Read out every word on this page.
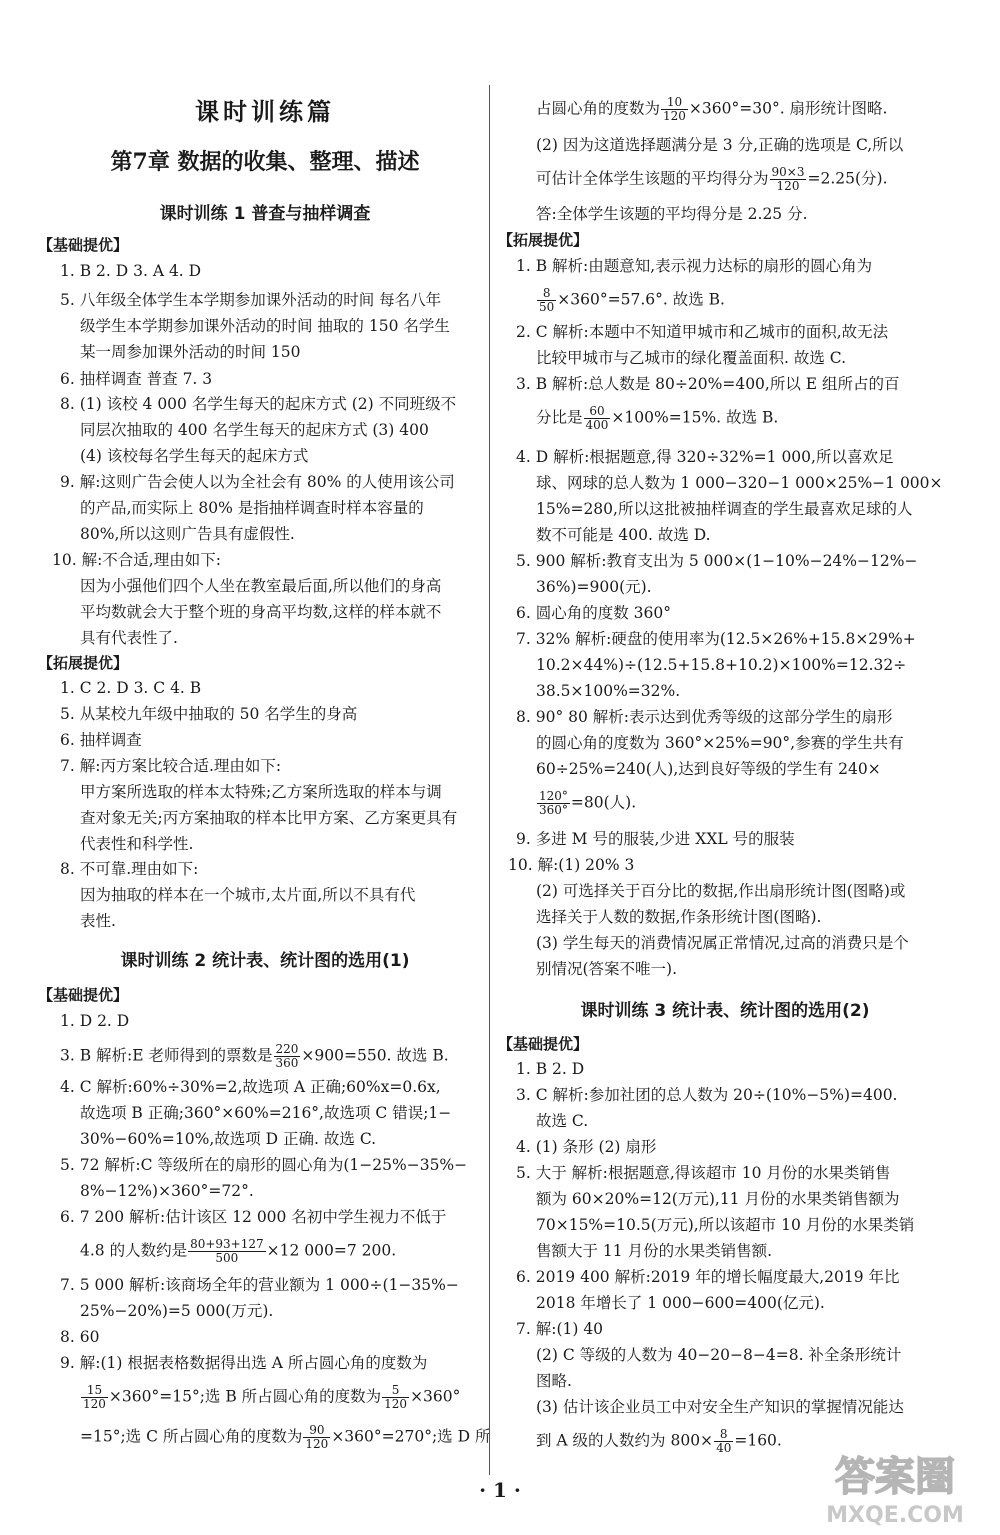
课时训练篇
第7章 数据的收集、整理、描述
课时训练 1 普查与抽样调查
【基础提优】
1. B 2. D 3. A 4. D
5. 八年级全体学生本学期参加课外活动的时间 每名八年
级学生本学期参加课外活动的时间 抽取的 150 名学生
某一周参加课外活动的时间 150
6. 抽样调查 普查 7. 3
8. (1) 该校 4 000 名学生每天的起床方式 (2) 不同班级不
同层次抽取的 400 名学生每天的起床方式 (3) 400
(4) 该校每名学生每天的起床方式
9. 解:这则广告会使人以为全社会有 80% 的人使用该公司
的产品,而实际上 80% 是指抽样调查时样本容量的
80%,所以这则广告具有虚假性.
10. 解:不合适,理由如下:
因为小强他们四个人坐在教室最后面,所以他们的身高
平均数就会大于整个班的身高平均数,这样的样本就不
具有代表性了.
【拓展提优】
1. C 2. D 3. C 4. B
5. 从某校九年级中抽取的 50 名学生的身高
6. 抽样调查
7. 解:丙方案比较合适.理由如下:
甲方案所选取的样本太特殊;乙方案所选取的样本与调
查对象无关;丙方案抽取的样本比甲方案、乙方案更具有
代表性和科学性.
8. 不可靠.理由如下:
因为抽取的样本在一个城市,太片面,所以不具有代
表性.
课时训练 2 统计表、统计图的选用(1)
【基础提优】
1. D 2. D
3. B 解析:E 老师得到的票数是 $\frac{220}{360} \times 900=550$. 故选 B.
4. C 解析:60%÷30%=2,故选项 A 正确;60%x=0.6x,
故选项 B 正确;360°×60%=216°,故选项 C 错误;1−
30%−60%=10%,故选项 D 正确. 故选 C.
5. 72 解析:C 等级所在的扇形的圆心角为(1−25%−35%−
8%−12%)×360°=72°.
6. 7 200 解析:估计该区 12 000 名初中学生视力不低于
4.8 的人数约是 $\frac{80+93+127}{500} \times 12$ 000=7 200.
7. 5 000 解析:该商场全年的营业额为 1 000÷(1−35%−
25%−20%)=5 000(万元).
8. 60
9. 解:(1) 根据表格数据得出选 A 所占圆心角的度数为
$\frac{15}{120} \times 360^\circ=15^\circ$;选 B 所占圆心角的度数为 $\frac{5}{120} \times 360^\circ$
=15°;选 C 所占圆心角的度数为 $\frac{90}{120} \times 360^\circ=270^\circ$;选 D 所
占圆心角的度数为 $\frac{10}{120} \times 360^\circ=30^\circ$. 扇形统计图略.
(2) 因为这道选择题满分是 3 分,正确的选项是 C,所以
可估计全体学生该题的平均得分为 $\frac{90\times 3}{120} =2.25$(分).
答:全体学生该题的平均得分是 2.25 分.
【拓展提优】
1. B 解析:由题意知,表示视力达标的扇形的圆心角为
$\frac{8}{50} \times 360^\circ=57.6^\circ$. 故选 B.
2. C 解析:本题中不知道甲城市和乙城市的面积,故无法
比较甲城市与乙城市的绿化覆盖面积. 故选 C.
3. B 解析:总人数是 80÷20%=400,所以 E 组所占的百
分比是 $\frac{60}{400} \times 100\%=15\%$. 故选 B.
4. D 解析:根据题意,得 320÷32%=1 000,所以喜欢足
球、网球的总人数为 1 000−320−1 000×25%−1 000×
15%=280,所以这批被抽样调查的学生最喜欢足球的人
数不可能是 400. 故选 D.
5. 900 解析:教育支出为 5 000×(1−10%−24%−12%−
36%)=900(元).
6. 圆心角的度数 360°
7. 32% 解析:硬盘的使用率为(12.5×26%+15.8×29%+
10.2×44%)÷(12.5+15.8+10.2)×100%=12.32÷
38.5×100%=32%.
8. 90° 80 解析:表示达到优秀等级的这部分学生的扇形
的圆心角的度数为 360°×25%=90°,参赛的学生共有
60÷25%=240(人),达到良好等级的学生有 240×
$\frac{120^\circ}{360^\circ} =80$(人).
9. 多进 M 号的服装,少进 XXL 号的服装
10. 解:(1) 20% 3
(2) 可选择关于百分比的数据,作出扇形统计图(图略)或
选择关于人数的数据,作条形统计图(图略).
(3) 学生每天的消费情况属正常情况,过高的消费只是个
别情况(答案不唯一).
课时训练 3 统计表、统计图的选用(2)
【基础提优】
1. B 2. D
3. C 解析:参加社团的总人数为 20÷(10%−5%)=400.
故选 C.
4. (1) 条形 (2) 扇形
5. 大于 解析:根据题意,得该超市 10 月份的水果类销售
额为 60×20%=12(万元),11 月份的水果类销售额为
70×15%=10.5(万元),所以该超市 10 月份的水果类销
售额大于 11 月份的水果类销售额.
6. 2019 400 解析:2019 年的增长幅度最大,2019 年比
2018 年增长了 1 000−600=400(亿元).
7. 解:(1) 40
(2) C 等级的人数为 40−20−8−4=8. 补全条形统计
图略.
(3) 估计该企业员工中对安全生产知识的掌握情况能达
到 A 级的人数约为 $800\times \frac{8}{40} =160$.
· 1 ·	答案圈
MXQE.COM
